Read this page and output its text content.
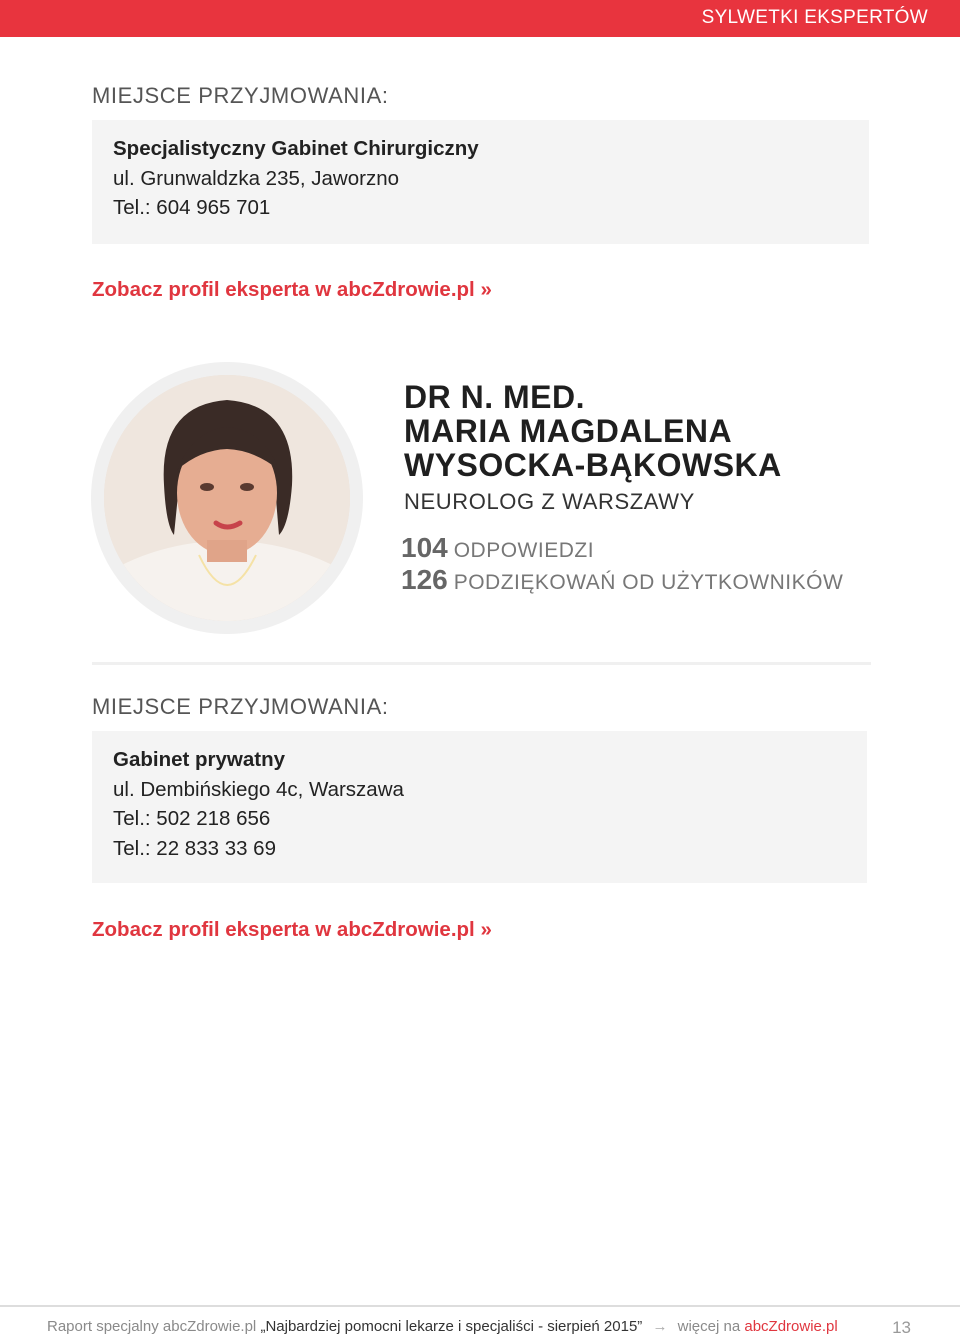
SYLWETKI EKSPERTÓW
MIEJSCE PRZYJMOWANIA:
Specjalistyczny Gabinet Chirurgiczny
ul. Grunwaldzka 235, Jaworzno
Tel.: 604 965 701
Zobacz profil eksperta w abcZdrowie.pl »
DR N. MED.
MARIA MAGDALENA
WYSOCKA-BĄKOWSKA
NEUROLOG Z WARSZAWY
104 ODPOWIEDZI
126 PODZIĘKOWAŃ OD UŻYTKOWNIKÓW
MIEJSCE PRZYJMOWANIA:
Gabinet prywatny
ul. Dembińskiego 4c, Warszawa
Tel.: 502 218 656
Tel.: 22 833 33 69
Zobacz profil eksperta w abcZdrowie.pl »
Raport specjalny abcZdrowie.pl „Najbardziej pomocni lekarze i specjaliści - sierpień 2015” → więcej na abcZdrowie.pl	13
